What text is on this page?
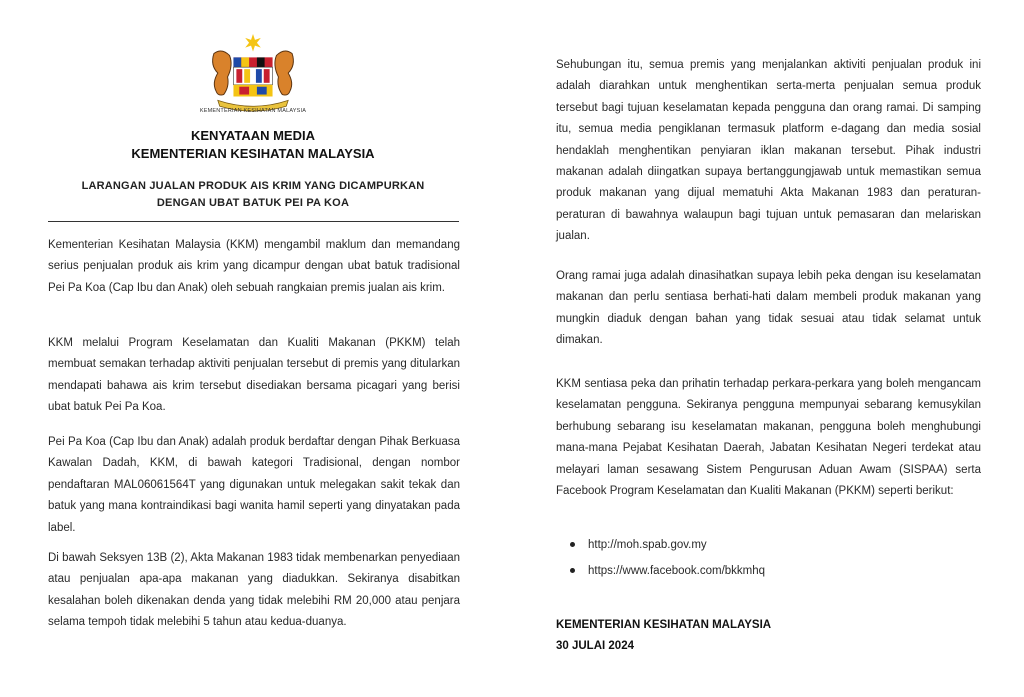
KEMENTERIAN KESIHATAN MALAYSIA
KENYATAAN MEDIA
KEMENTERIAN KESIHATAN MALAYSIA
LARANGAN JUALAN PRODUK AIS KRIM YANG DICAMPURKAN
DENGAN UBAT BATUK PEI PA KOA

Kementerian Kesihatan Malaysia (KKM) mengambil maklum dan memandang serius penjualan produk ais krim yang dicampur dengan ubat batuk tradisional Pei Pa Koa (Cap Ibu dan Anak) oleh sebuah rangkaian premis jualan ais krim.

KKM melalui Program Keselamatan dan Kualiti Makanan (PKKM) telah membuat semakan terhadap aktiviti penjualan tersebut di premis yang ditularkan mendapati bahawa ais krim tersebut disediakan bersama picagari yang berisi ubat batuk Pei Pa Koa.

Pei Pa Koa (Cap Ibu dan Anak) adalah produk berdaftar dengan Pihak Berkuasa Kawalan Dadah, KKM, di bawah kategori Tradisional, dengan nombor pendaftaran MAL06061564T yang digunakan untuk melegakan sakit tekak dan batuk yang mana kontraindikasi bagi wanita hamil seperti yang dinyatakan pada label.

Di bawah Seksyen 13B (2), Akta Makanan 1983 tidak membenarkan penyediaan atau penjualan apa-apa makanan yang diadukkan. Sekiranya disabitkan kesalahan boleh dikenakan denda yang tidak melebihi RM 20,000 atau penjara selama tempoh tidak melebihi 5 tahun atau kedua-duanya.

Sehubungan itu, semua premis yang menjalankan aktiviti penjualan produk ini adalah diarahkan untuk menghentikan serta-merta penjualan semua produk tersebut bagi tujuan keselamatan kepada pengguna dan orang ramai. Di samping itu, semua media pengiklanan termasuk platform e-dagang dan media sosial hendaklah menghentikan penyiaran iklan makanan tersebut. Pihak industri makanan adalah diingatkan supaya bertanggungjawab untuk memastikan semua produk makanan yang dijual mematuhi Akta Makanan 1983 dan peraturan-peraturan di bawahnya walaupun bagi tujuan untuk pemasaran dan melariskan jualan.

Orang ramai juga adalah dinasihatkan supaya lebih peka dengan isu keselamatan makanan dan perlu sentiasa berhati-hati dalam membeli produk makanan yang mungkin diaduk dengan bahan yang tidak sesuai atau tidak selamat untuk dimakan.

KKM sentiasa peka dan prihatin terhadap perkara-perkara yang boleh mengancam keselamatan pengguna. Sekiranya pengguna mempunyai sebarang kemusykilan berhubung sebarang isu keselamatan makanan, pengguna boleh menghubungi mana-mana Pejabat Kesihatan Daerah, Jabatan Kesihatan Negeri terdekat atau melayari laman sesawang Sistem Pengurusan Aduan Awam (SISPAA) serta Facebook Program Keselamatan dan Kualiti Makanan (PKKM) seperti berikut:

http://moh.spab.gov.my
https://www.facebook.com/bkkmhq
KEMENTERIAN KESIHATAN MALAYSIA
30 JULAI 2024
